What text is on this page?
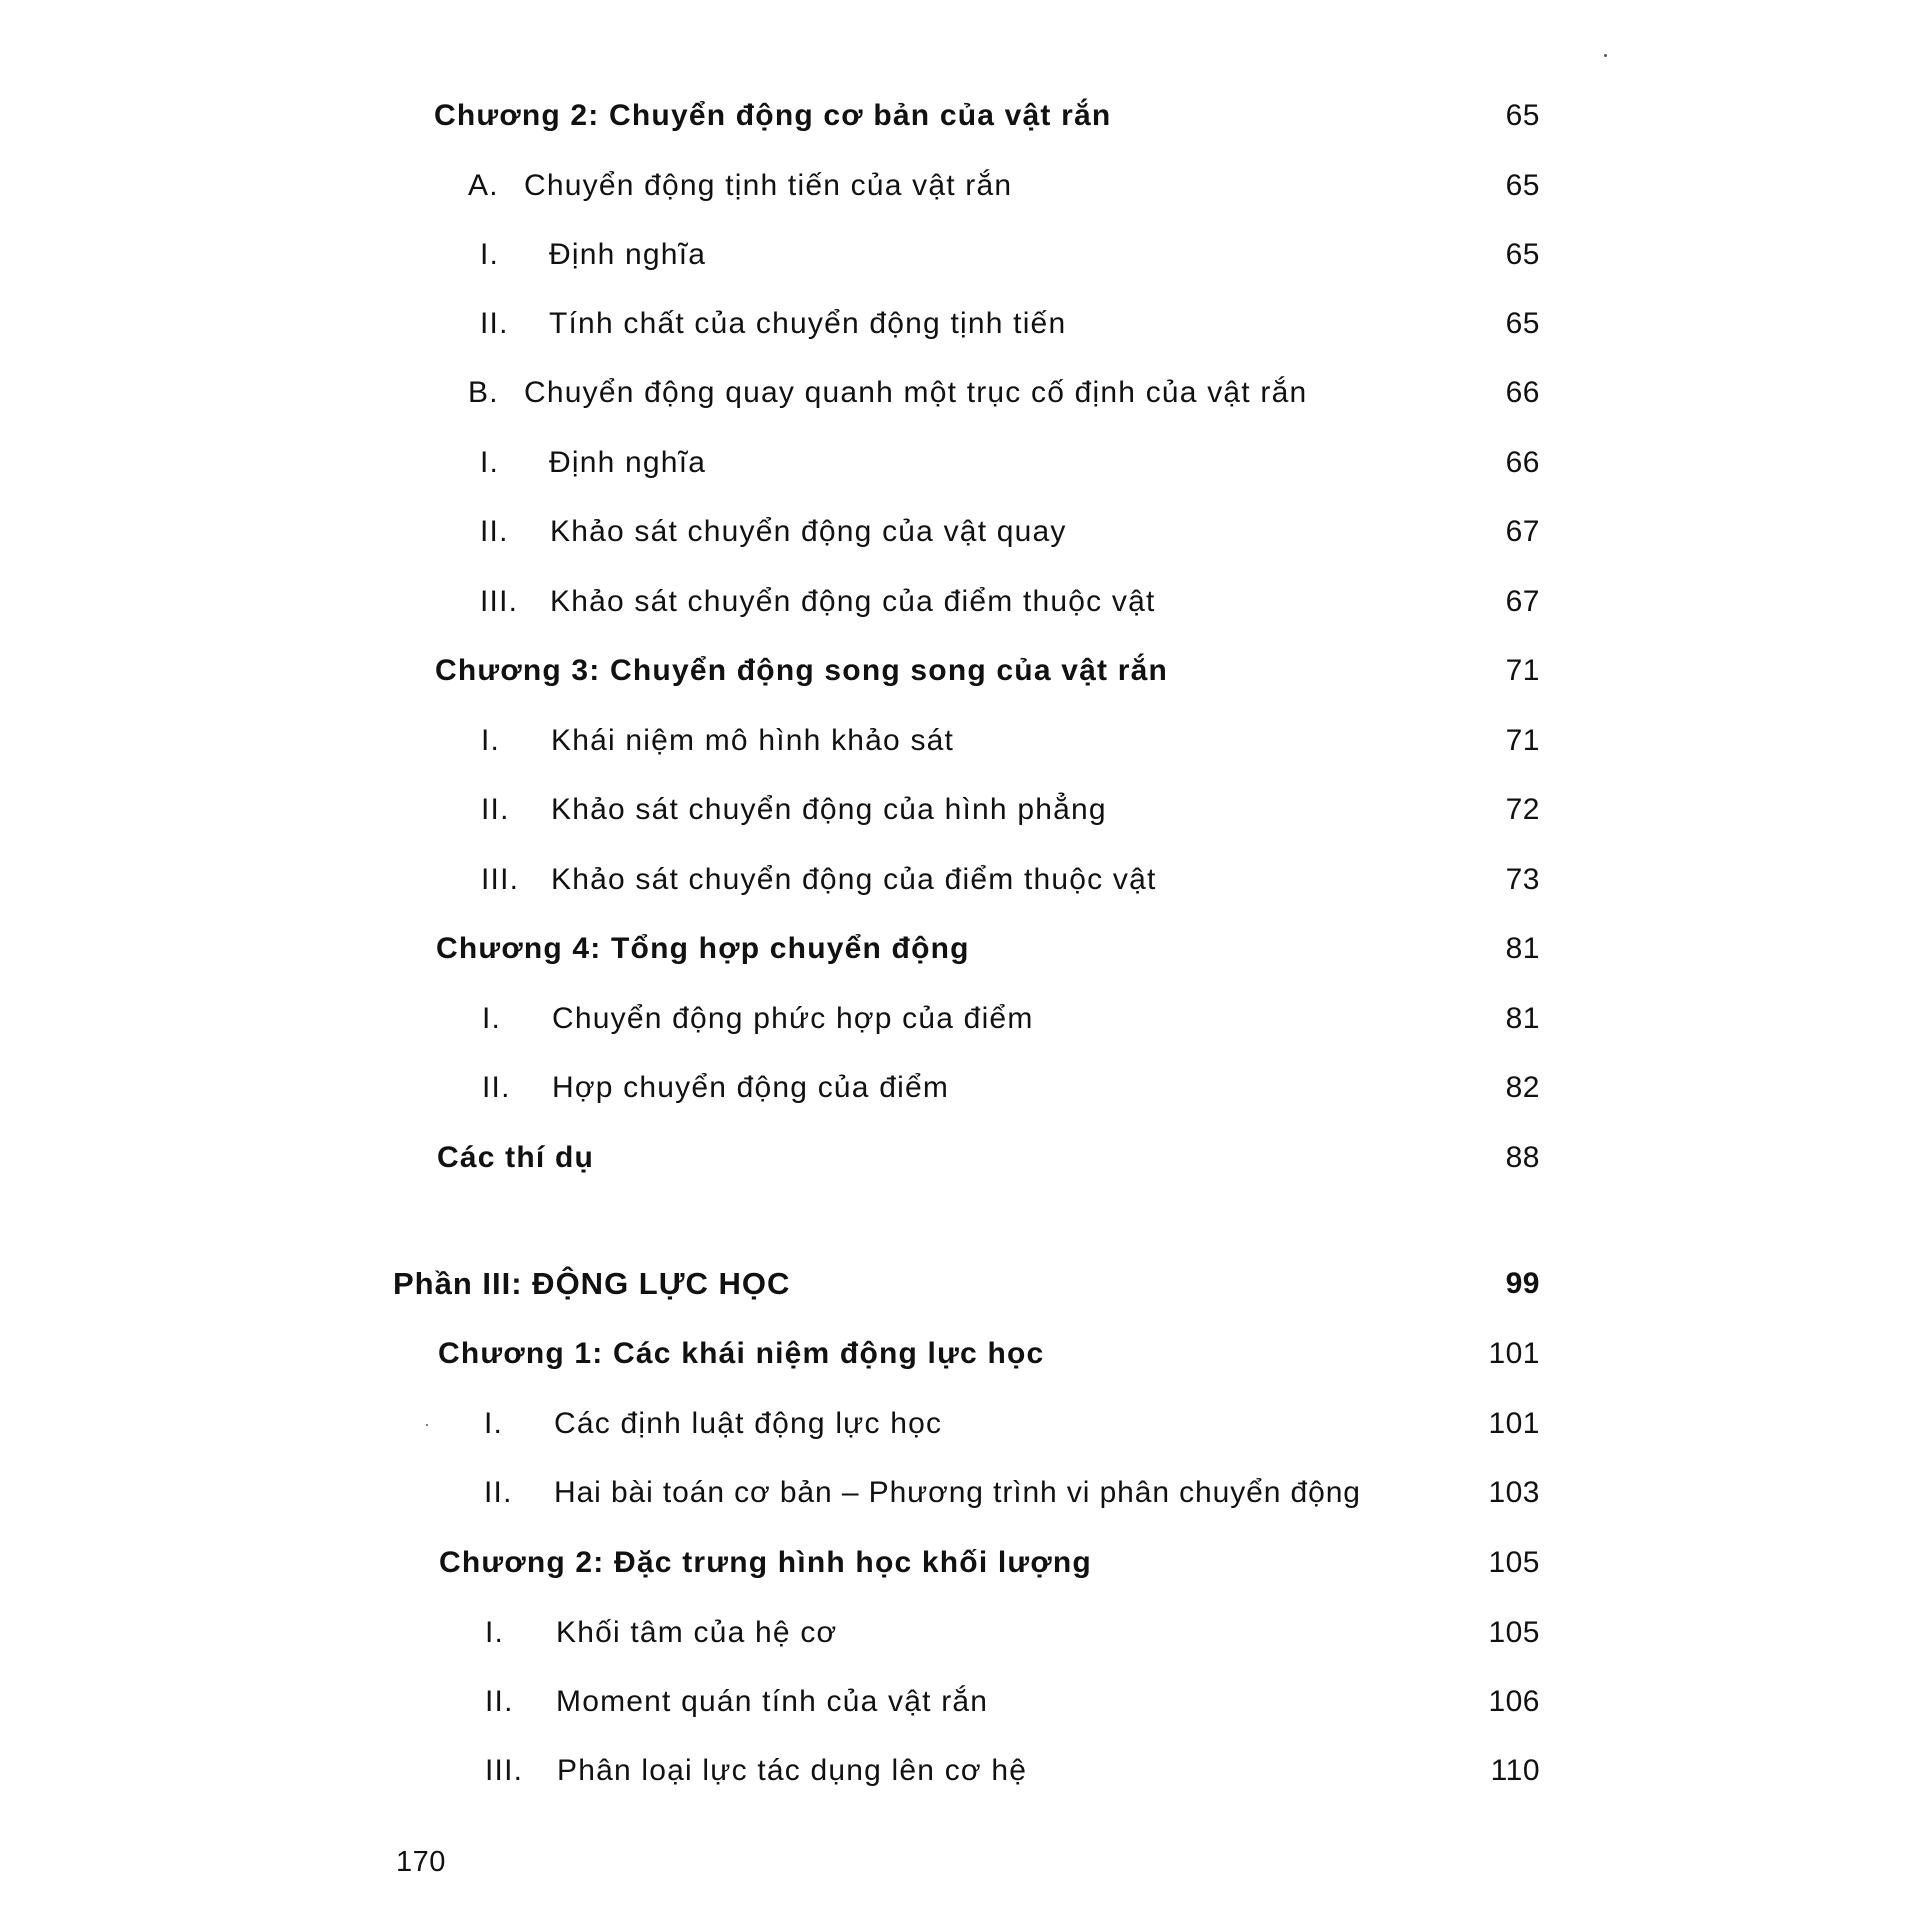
Chương 2: Chuyển động cơ bản của vật rắn	65
A. Chuyển động tịnh tiến của vật rắn	65
I. Định nghĩa	65
II. Tính chất của chuyển động tịnh tiến	65
B. Chuyển động quay quanh một trục cố định của vật rắn	66
I. Định nghĩa	66
II. Khảo sát chuyển động của vật quay	67
III. Khảo sát chuyển động của điểm thuộc vật	67
Chương 3: Chuyển động song song của vật rắn	71
I. Khái niệm mô hình khảo sát	71
II. Khảo sát chuyển động của hình phẳng	72
III. Khảo sát chuyển động của điểm thuộc vật	73
Chương 4: Tổng hợp chuyển động	81
I. Chuyển động phức hợp của điểm	81
II. Hợp chuyển động của điểm	82
Các thí dụ	88
Phần III: ĐỘNG LỰC HỌC	99
Chương 1: Các khái niệm động lực học	101
I. Các định luật động lực học	101
II. Hai bài toán cơ bản – Phương trình vi phân chuyển động	103
Chương 2: Đặc trưng hình học khối lượng	105
I. Khối tâm của hệ cơ	105
II. Moment quán tính của vật rắn	106
III. Phân loại lực tác dụng lên cơ hệ	110
170
